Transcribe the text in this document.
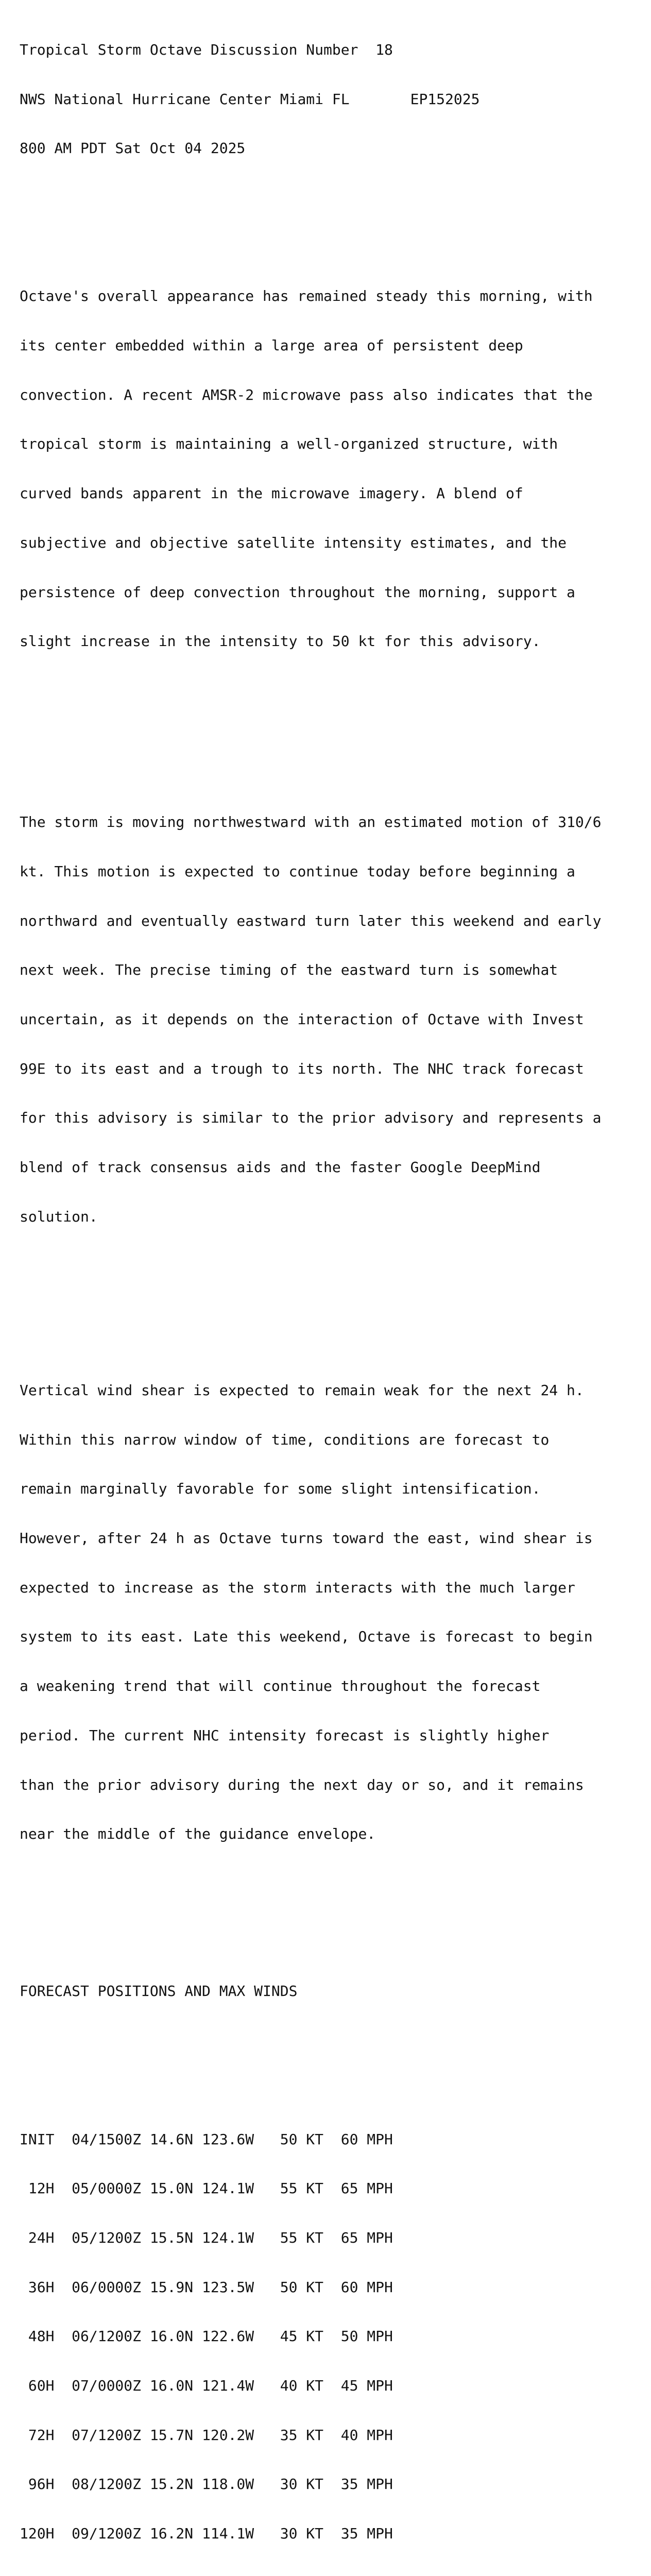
Tropical Storm Octave Discussion Number  18

NWS National Hurricane Center Miami FL       EP152025

800 AM PDT Sat Oct 04 2025

Octave's overall appearance has remained steady this morning, with

its center embedded within a large area of persistent deep

convection. A recent AMSR-2 microwave pass also indicates that the

tropical storm is maintaining a well-organized structure, with

curved bands apparent in the microwave imagery. A blend of

subjective and objective satellite intensity estimates, and the

persistence of deep convection throughout the morning, support a

slight increase in the intensity to 50 kt for this advisory.

The storm is moving northwestward with an estimated motion of 310/6

kt. This motion is expected to continue today before beginning a

northward and eventually eastward turn later this weekend and early

next week. The precise timing of the eastward turn is somewhat

uncertain, as it depends on the interaction of Octave with Invest

99E to its east and a trough to its north. The NHC track forecast

for this advisory is similar to the prior advisory and represents a

blend of track consensus aids and the faster Google DeepMind

solution.

Vertical wind shear is expected to remain weak for the next 24 h.

Within this narrow window of time, conditions are forecast to

remain marginally favorable for some slight intensification.

However, after 24 h as Octave turns toward the east, wind shear is

expected to increase as the storm interacts with the much larger

system to its east. Late this weekend, Octave is forecast to begin

a weakening trend that will continue throughout the forecast

period. The current NHC intensity forecast is slightly higher

than the prior advisory during the next day or so, and it remains

near the middle of the guidance envelope.

FORECAST POSITIONS AND MAX WINDS

INIT  04/1500Z 14.6N 123.6W   50 KT  60 MPH

12H  05/0000Z 15.0N 124.1W   55 KT  65 MPH

24H  05/1200Z 15.5N 124.1W   55 KT  65 MPH

36H  06/0000Z 15.9N 123.5W   50 KT  60 MPH

48H  06/1200Z 16.0N 122.6W   45 KT  50 MPH

60H  07/0000Z 16.0N 121.4W   40 KT  45 MPH

72H  07/1200Z 15.7N 120.2W   35 KT  40 MPH

96H  08/1200Z 15.2N 118.0W   30 KT  35 MPH

120H  09/1200Z 16.2N 114.1W   30 KT  35 MPH
